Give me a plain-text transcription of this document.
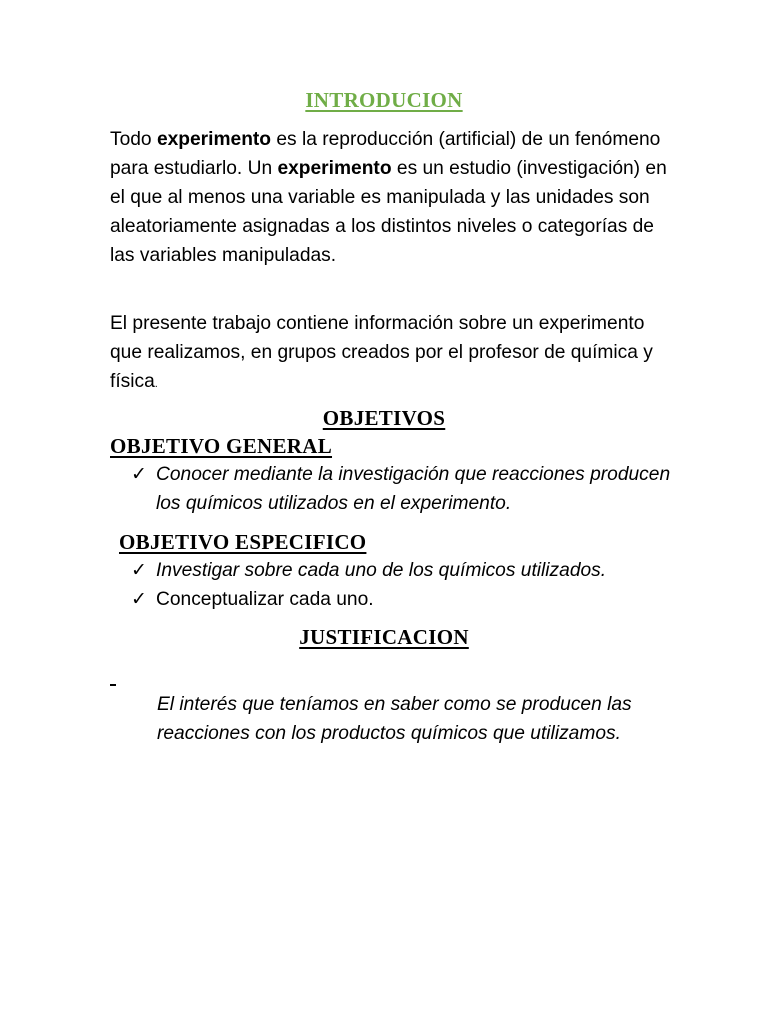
INTRODUCION

Todo experimento es la reproducción (artificial) de un fenómeno para estudiarlo. Un experimento es un estudio (investigación) en el que al menos una variable es manipulada y las unidades son aleatoriamente asignadas a los distintos niveles o categorías de las variables manipuladas.

El presente trabajo contiene información sobre un experimento que realizamos, en grupos creados por el profesor de química y física.

OBJETIVOS
OBJETIVO GENERAL
✓ Conocer mediante la investigación que reacciones producen los químicos utilizados en el experimento.
OBJETIVO ESPECIFICO
✓ Investigar sobre cada uno de los químicos utilizados.
✓ Conceptualizar cada uno.
JUSTIFICACION

El interés que teníamos en saber como se producen las reacciones con los productos químicos que utilizamos.
